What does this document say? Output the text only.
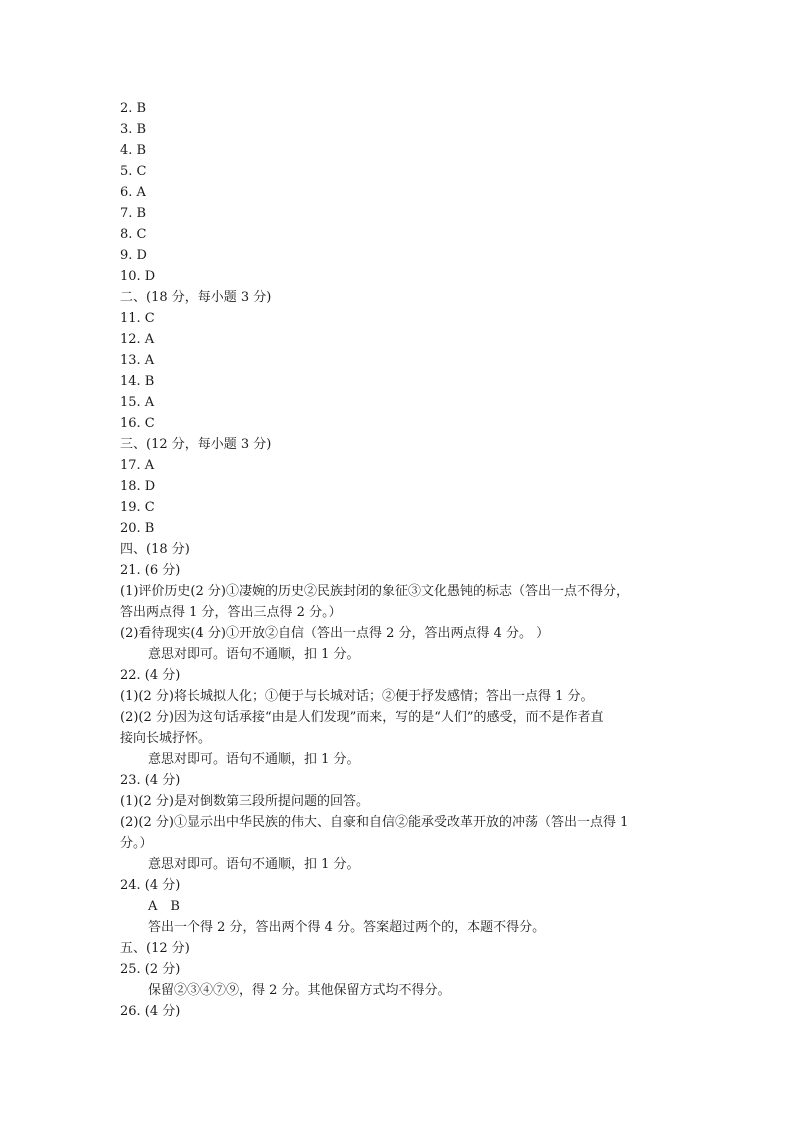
2. B
3. B
4. B
5. C
6. A
7. B
8. C
9. D
10. D
二、(18 分，每小题 3 分)
11. C
12. A
13. A
14. B
15. A
16. C
三、(12 分，每小题 3 分)
17. A
18. D
19. C
20. B
四、(18 分)
21. (6 分)
(1)评价历史(2 分)①凄婉的历史②民族封闭的象征③文化愚钝的标志（答出一点不得分，
答出两点得 1 分，答出三点得 2 分。）
(2)看待现实(4 分)①开放②自信（答出一点得 2 分，答出两点得 4 分。 ）
意思对即可。语句不通顺，扣 1 分。
22. (4 分)
(1)(2 分)将长城拟人化；①便于与长城对话；②便于抒发感情；答出一点得 1 分。
(2)(2 分)因为这句话承接“由是人们发现”而来，写的是“人们”的感受，而不是作者直
接向长城抒怀。
意思对即可。语句不通顺，扣 1 分。
23. (4 分)
(1)(2 分)是对倒数第三段所提问题的回答。
(2)(2 分)①显示出中华民族的伟大、自豪和自信②能承受改革开放的冲荡（答出一点得 1
分。）
意思对即可。语句不通顺，扣 1 分。
24. (4 分)
A　B
答出一个得 2 分，答出两个得 4 分。答案超过两个的，本题不得分。
五、(12 分)
25. (2 分)
保留②③④⑦⑨，得 2 分。其他保留方式均不得分。
26. (4 分)
